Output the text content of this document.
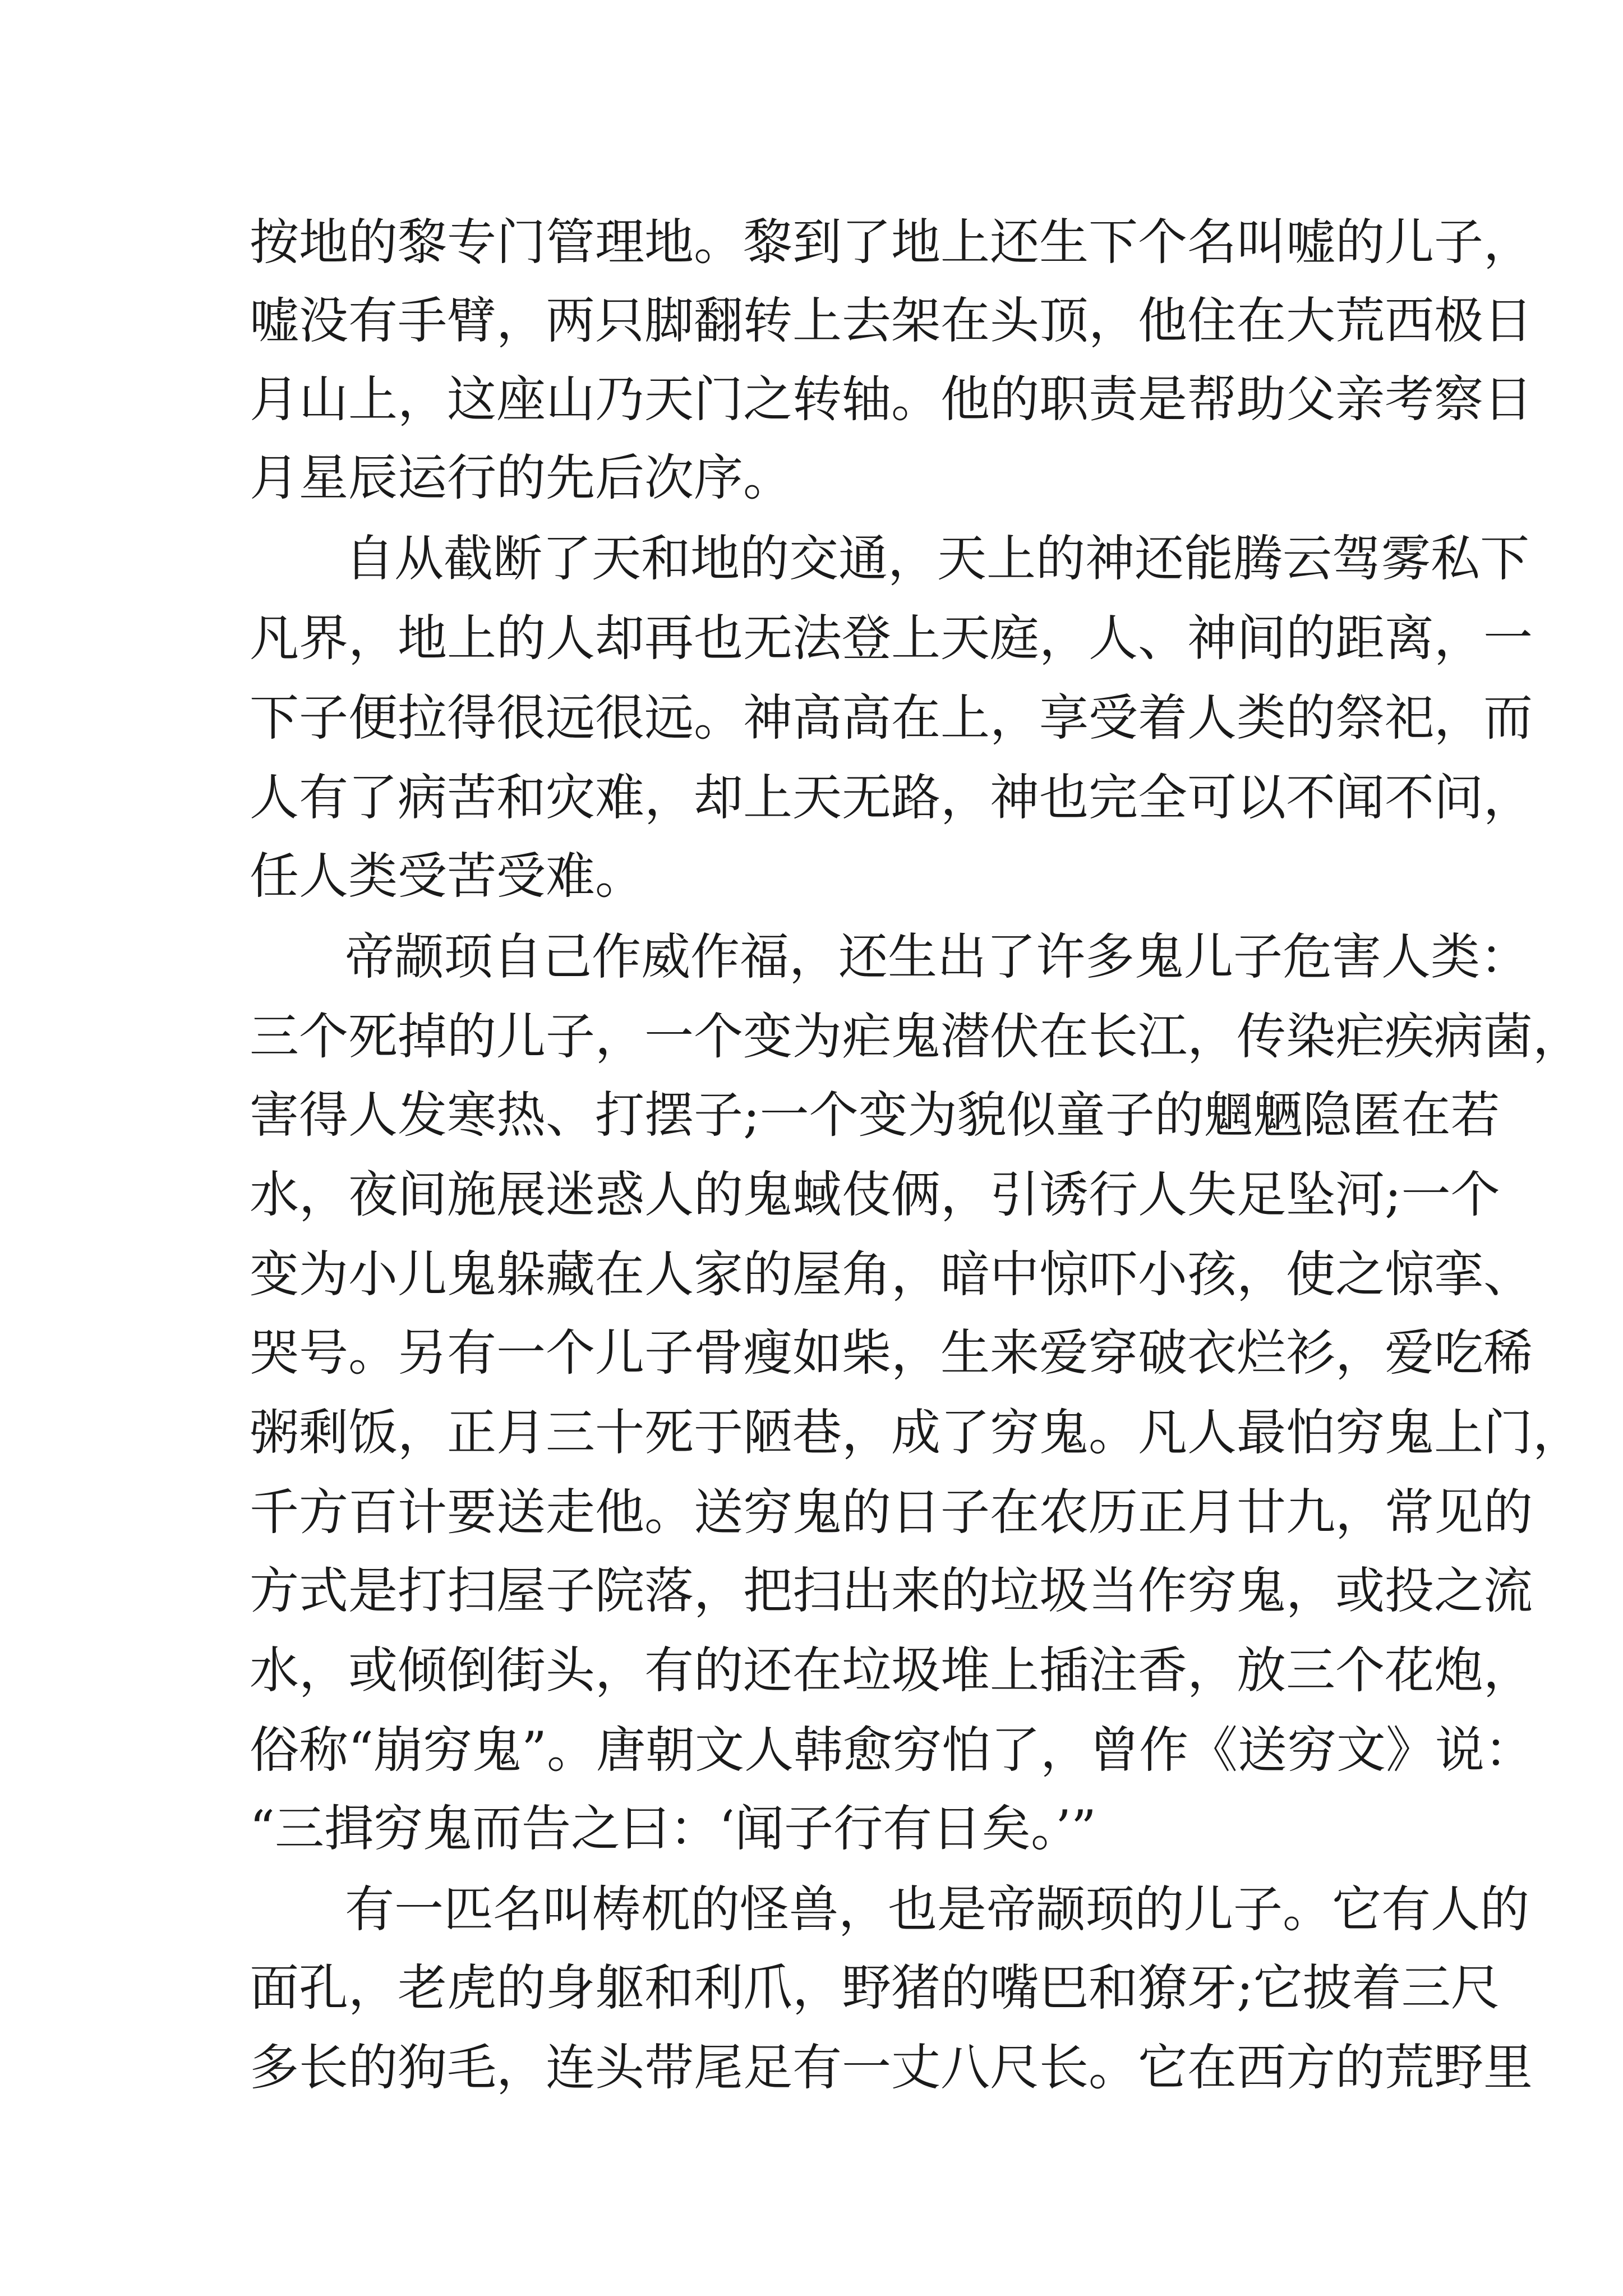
按地的黎专门管理地。黎到了地上还生下个名叫嘘的儿子，
嘘没有手臂，两只脚翻转上去架在头顶，他住在大荒西极日
月山上，这座山乃天门之转轴。他的职责是帮助父亲考察日
月星辰运行的先后次序。
自从截断了天和地的交通，天上的神还能腾云驾雾私下
凡界，地上的人却再也无法登上天庭，人、神间的距离，一
下子便拉得很远很远。神高高在上，享受着人类的祭祀，而
人有了病苦和灾难，却上天无路，神也完全可以不闻不问，
任人类受苦受难。
帝颛顼自己作威作福，还生出了许多鬼儿子危害人类：
三个死掉的儿子，一个变为疟鬼潜伏在长江，传染疟疾病菌，
害得人发寒热、打摆子;一个变为貌似童子的魍魉隐匿在若
水，夜间施展迷惑人的鬼蜮伎俩，引诱行人失足坠河;一个
变为小儿鬼躲藏在人家的屋角，暗中惊吓小孩，使之惊挛、
哭号。另有一个儿子骨瘦如柴，生来爱穿破衣烂衫，爱吃稀
粥剩饭，正月三十死于陋巷，成了穷鬼。凡人最怕穷鬼上门，
千方百计要送走他。送穷鬼的日子在农历正月廿九，常见的
方式是打扫屋子院落，把扫出来的垃圾当作穷鬼，或投之流
水，或倾倒街头，有的还在垃圾堆上插注香，放三个花炮，
俗称“崩穷鬼”。唐朝文人韩愈穷怕了，曾作《送穷文》说：
“三揖穷鬼而告之曰：‘闻子行有日矣。’”
有一匹名叫梼杌的怪兽，也是帝颛顼的儿子。它有人的
面孔，老虎的身躯和利爪，野猪的嘴巴和獠牙;它披着三尺
多长的狗毛，连头带尾足有一丈八尺长。它在西方的荒野里
